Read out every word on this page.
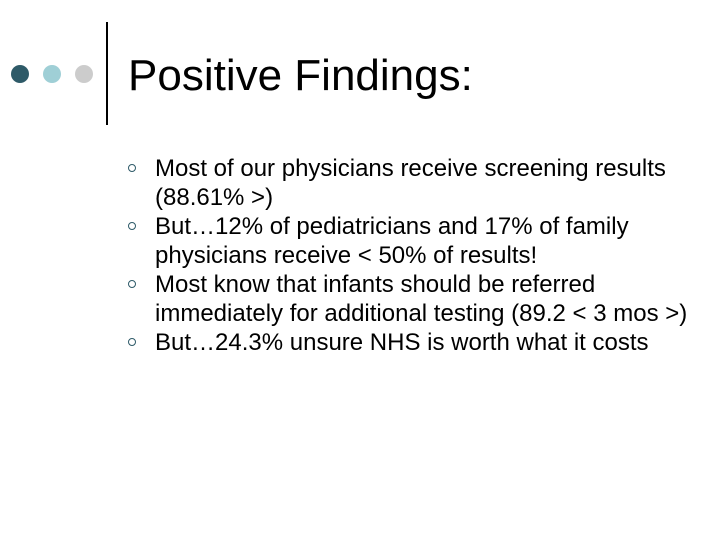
Positive Findings:
Most of our physicians receive screening results (88.61% >)
But…12% of pediatricians and 17% of family physicians receive < 50% of results!
Most know that infants should be referred immediately for additional testing (89.2 < 3 mos >)
But…24.3% unsure NHS is worth what it costs
